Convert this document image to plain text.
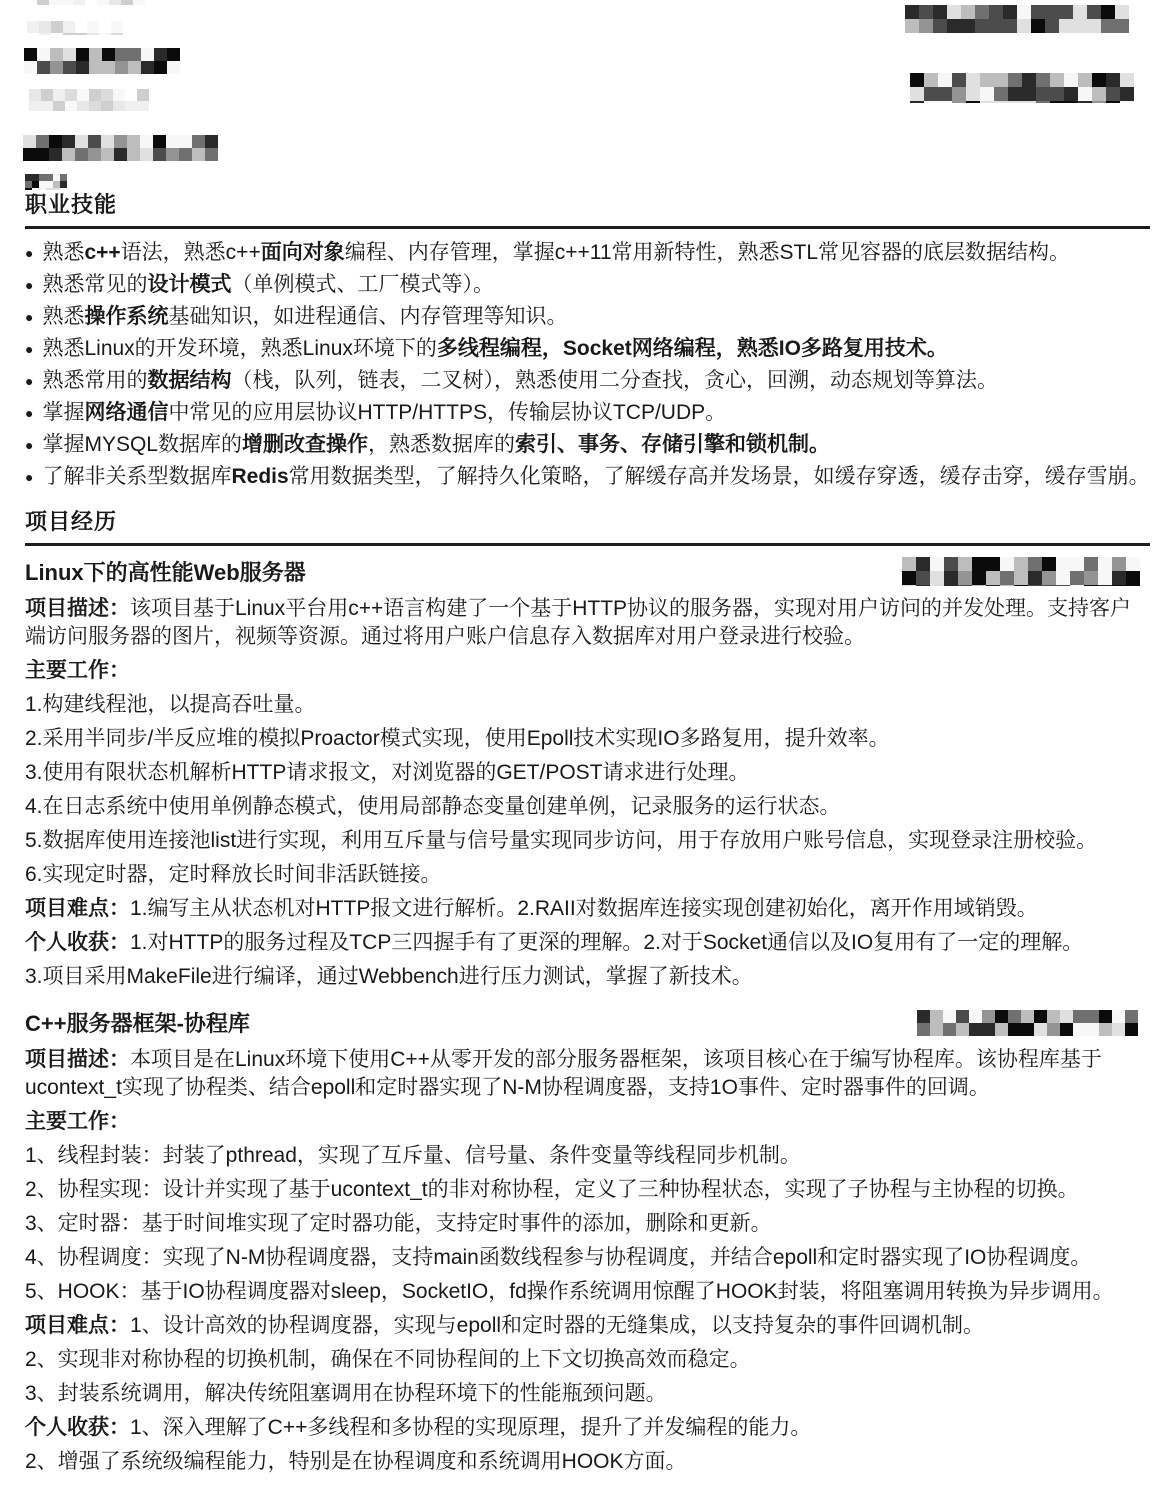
职业技能
● 熟悉c++语法，熟悉c++面向对象编程、内存管理，掌握c++11常用新特性，熟悉STL常见容器的底层数据结构。
● 熟悉常见的设计模式（单例模式、工厂模式等）。
● 熟悉操作系统基础知识，如进程通信、内存管理等知识。
● 熟悉Linux的开发环境，熟悉Linux环境下的多线程编程，Socket网络编程，熟悉IO多路复用技术。
● 熟悉常用的数据结构（栈，队列，链表，二叉树），熟悉使用二分查找，贪心，回溯，动态规划等算法。
● 掌握网络通信中常见的应用层协议HTTP/HTTPS，传输层协议TCP/UDP。
● 掌握MYSQL数据库的增删改查操作，熟悉数据库的索引、事务、存储引擎和锁机制。
● 了解非关系型数据库Redis常用数据类型，了解持久化策略，了解缓存高并发场景，如缓存穿透，缓存击穿，缓存雪崩。
项目经历
Linux下的高性能Web服务器
项目描述：该项目基于Linux平台用c++语言构建了一个基于HTTP协议的服务器，实现对用户访问的并发处理。支持客户端访问服务器的图片，视频等资源。通过将用户账户信息存入数据库对用户登录进行校验。
主要工作：
1.构建线程池，以提高吞吐量。
2.采用半同步/半反应堆的模拟Proactor模式实现，使用Epoll技术实现IO多路复用，提升效率。
3.使用有限状态机解析HTTP请求报文，对浏览器的GET/POST请求进行处理。
4.在日志系统中使用单例静态模式，使用局部静态变量创建单例，记录服务的运行状态。
5.数据库使用连接池list进行实现，利用互斥量与信号量实现同步访问，用于存放用户账号信息，实现登录注册校验。
6.实现定时器，定时释放长时间非活跃链接。
项目难点：1.编写主从状态机对HTTP报文进行解析。2.RAII对数据库连接实现创建初始化，离开作用域销毁。
个人收获：1.对HTTP的服务过程及TCP三四握手有了更深的理解。2.对于Socket通信以及IO复用有了一定的理解。
3.项目采用MakeFile进行编译，通过Webbench进行压力测试，掌握了新技术。
C++服务器框架-协程库
项目描述：本项目是在Linux环境下使用C++从零开发的部分服务器框架，该项目核心在于编写协程库。该协程库基于ucontext_t实现了协程类、结合epoll和定时器实现了N-M协程调度器，支持1O事件、定时器事件的回调。
主要工作：
1、线程封装：封装了pthread，实现了互斥量、信号量、条件变量等线程同步机制。
2、协程实现：设计并实现了基于ucontext_t的非对称协程，定义了三种协程状态，实现了子协程与主协程的切换。
3、定时器：基于时间堆实现了定时器功能，支持定时事件的添加，删除和更新。
4、协程调度：实现了N-M协程调度器，支持main函数线程参与协程调度，并结合epoll和定时器实现了IO协程调度。
5、HOOK：基于IO协程调度器对sleep，SocketIO，fd操作系统调用惊醒了HOOK封装，将阻塞调用转换为异步调用。
项目难点：1、设计高效的协程调度器，实现与epoll和定时器的无缝集成，以支持复杂的事件回调机制。
2、实现非对称协程的切换机制，确保在不同协程间的上下文切换高效而稳定。
3、封装系统调用，解决传统阻塞调用在协程环境下的性能瓶颈问题。
个人收获：1、深入理解了C++多线程和多协程的实现原理，提升了并发编程的能力。
2、增强了系统级编程能力，特别是在协程调度和系统调用HOOK方面。
